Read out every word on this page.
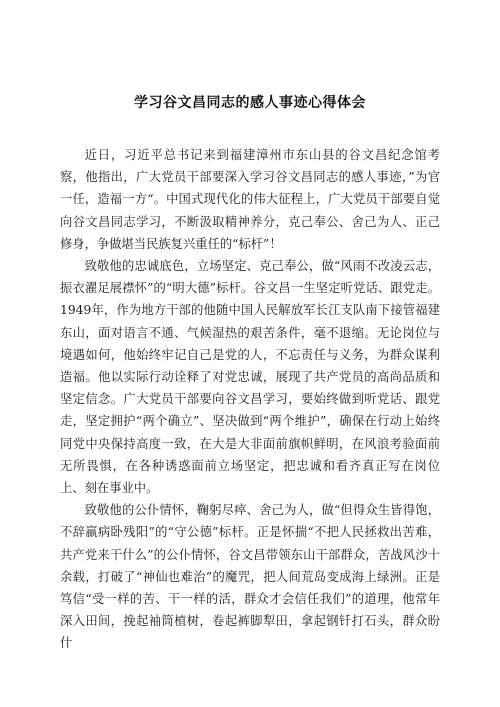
学习谷文昌同志的感人事迹心得体会

近日，习近平总书记来到福建漳州市东山县的谷文昌纪念馆考察，他指出，广大党员干部要深入学习谷文昌同志的感人事迹，”为官一任，造福一方“。中国式现代化的伟大征程上，广大党员干部要自觉向谷文昌同志学习，不断汲取精神养分，克己奉公、舍己为人、正己修身，争做堪当民族复兴重任的“标杆”！

致敬他的忠诚底色，立场坚定、克己奉公，做“风雨不改凌云志，振衣濯足展襟怀”的“明大德”标杆。谷文昌一生坚定听党话、跟党走。1949年，作为地方干部的他随中国人民解放军长江支队南下接管福建东山，面对语言不通、气候湿热的艰苦条件，毫不退缩。无论岗位与境遇如何，他始终牢记自己是党的人，不忘责任与义务，为群众谋利造福。他以实际行动诠释了对党忠诚，展现了共产党员的高尚品质和坚定信念。广大党员干部要向谷文昌学习，要始终做到听党话、跟党走，坚定拥护“两个确立”、坚决做到“两个维护”，确保在行动上始终同党中央保持高度一致，在大是大非面前旗帜鲜明，在风浪考验面前无所畏惧，在各种诱惑面前立场坚定，把忠诚和看齐真正写在岗位上、刻在事业中。

致敬他的公仆情怀，鞠躬尽瘁、舍己为人，做“但得众生皆得饱，不辞羸病卧残阳”的“守公德”标杆。正是怀揣“不把人民拯救出苦难，共产党来干什么”的公仆情怀，谷文昌带领东山干部群众，苦战风沙十余载，打破了“神仙也难治”的魔咒，把人间荒岛变成海上绿洲。正是笃信“受一样的苦、干一样的活，群众才会信任我们”的道理，他常年深入田间，挽起袖筒植树，卷起裤脚犁田，拿起钢钎打石头，群众盼什
